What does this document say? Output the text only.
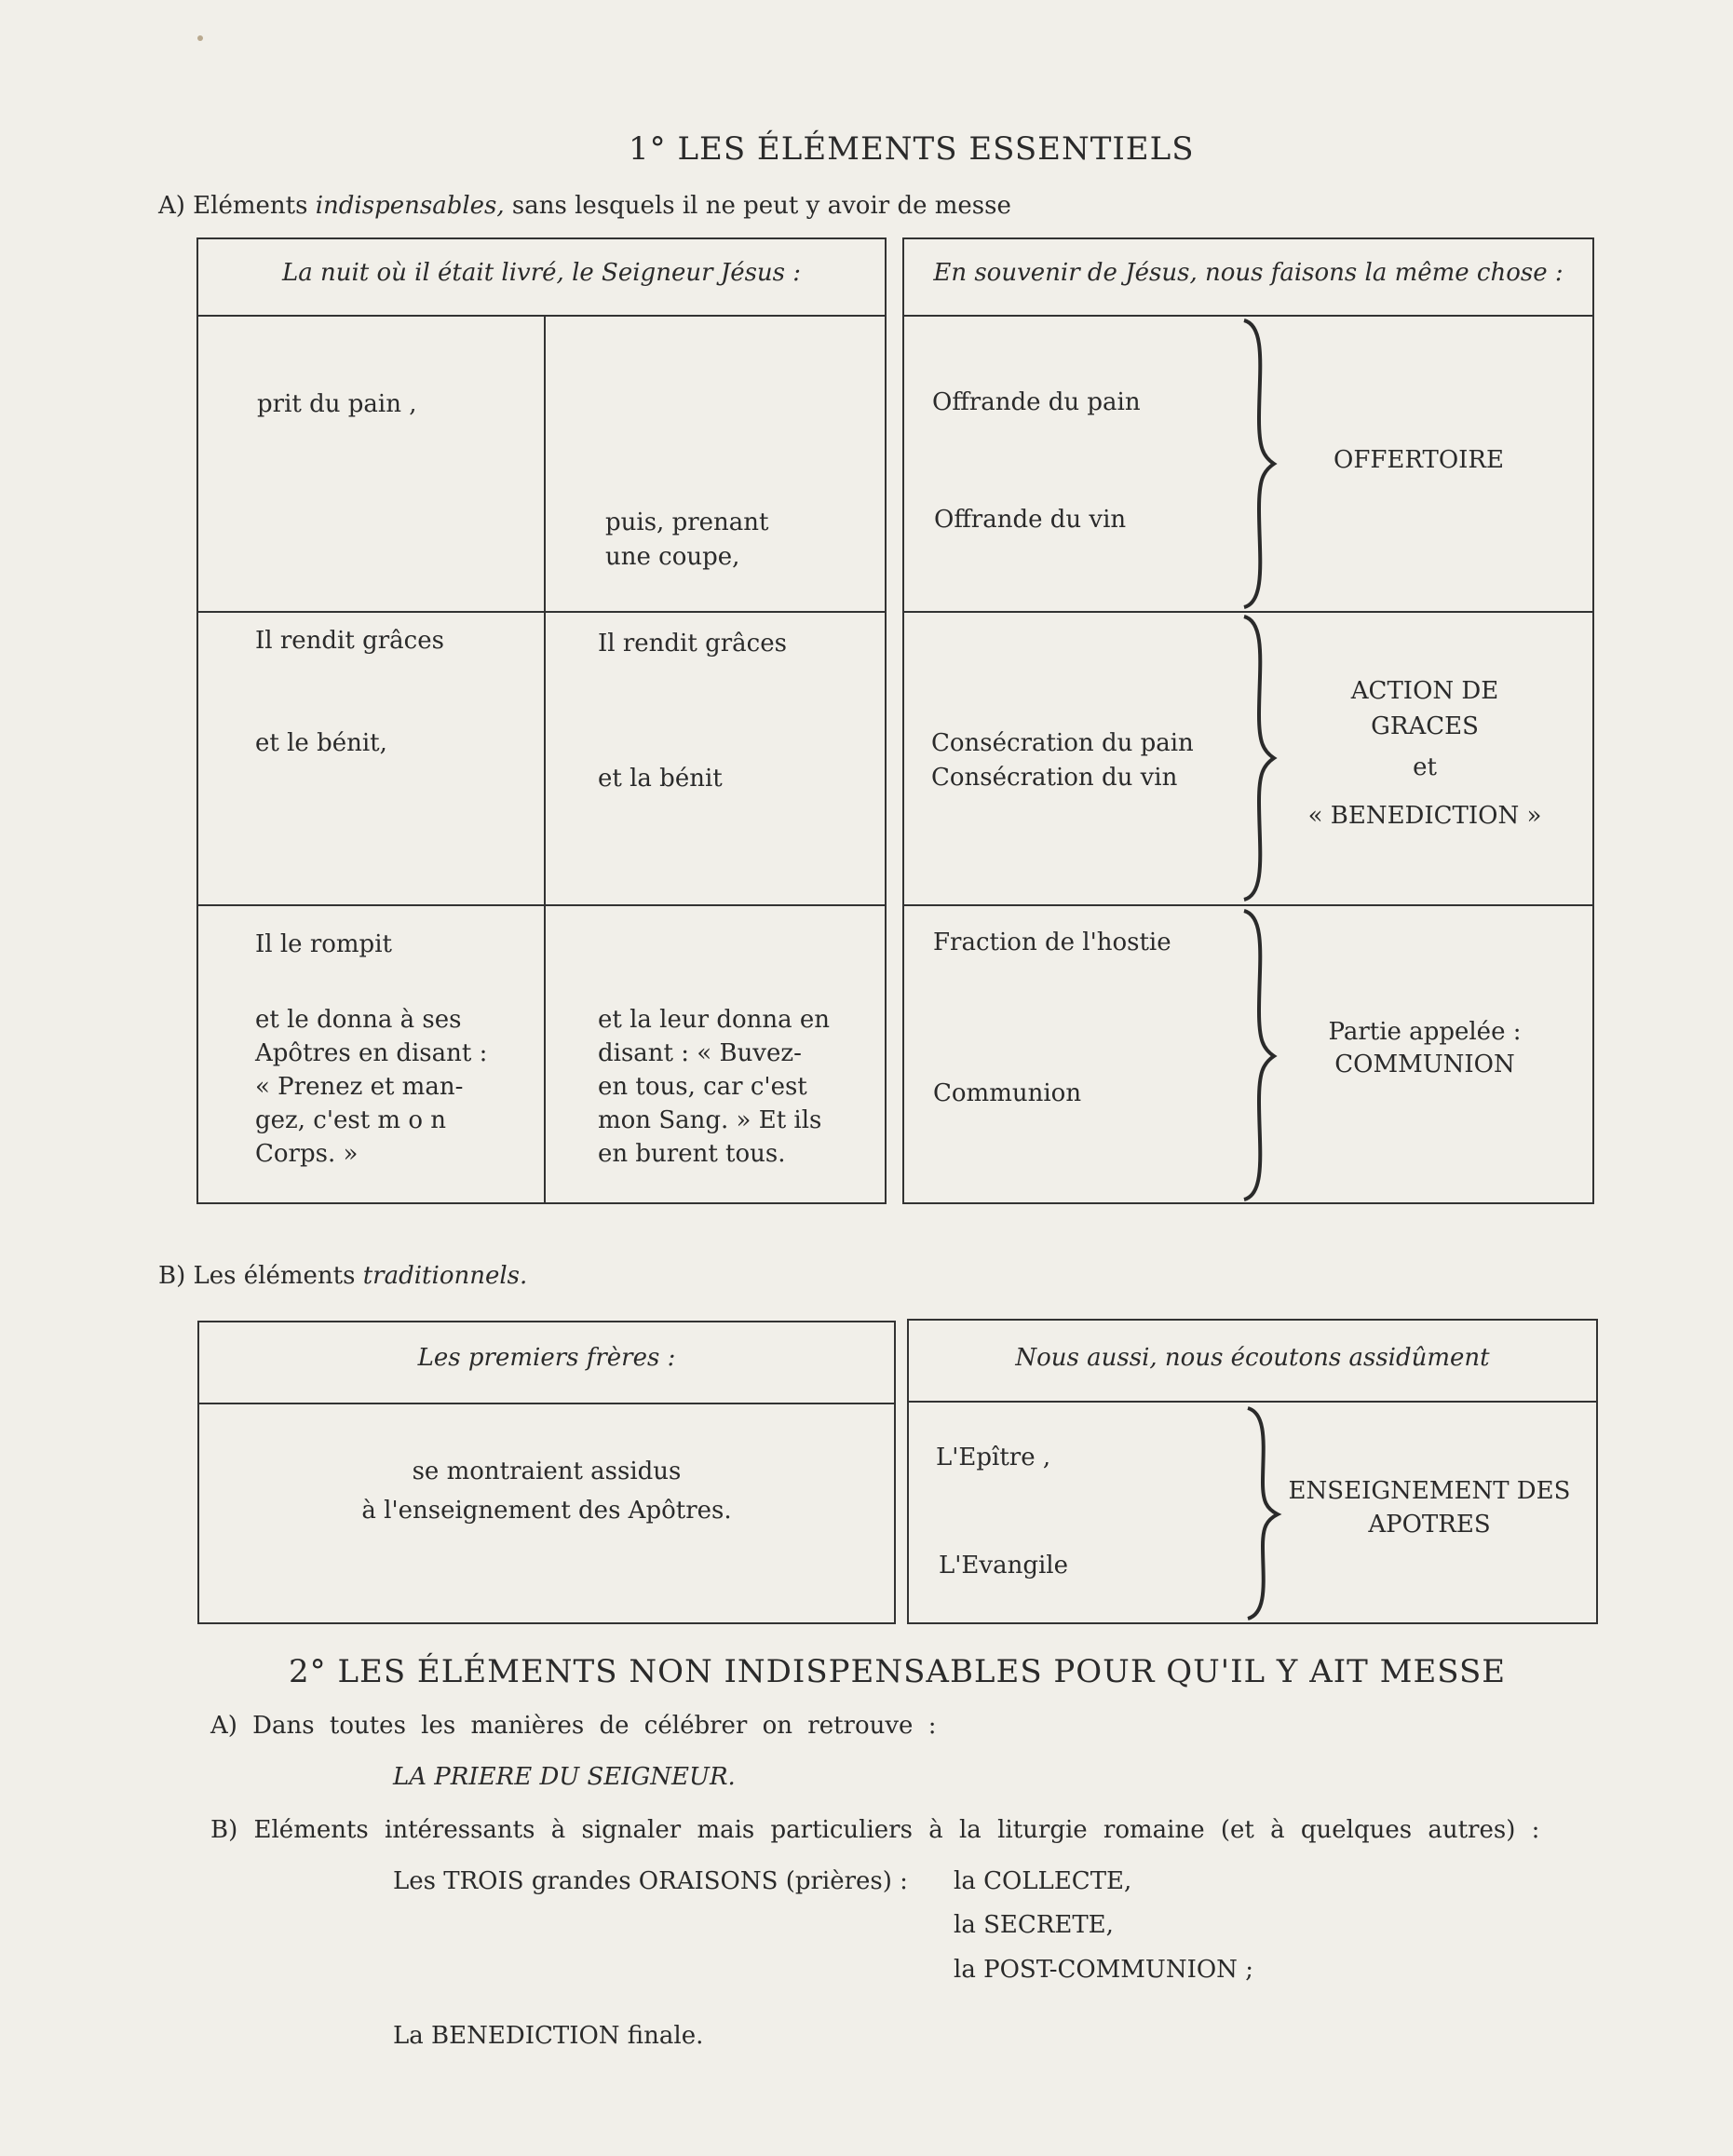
1° LES ÉLÉMENTS ESSENTIELS
A) Eléments indispensables, sans lesquels il ne peut y avoir de messe
La nuit où il était livré, le Seigneur Jésus :	En souvenir de Jésus, nous faisons la même chose :
prit du pain ,
puis, prenant
une coupe,
Offrande du pain
Offrande du vin
OFFERTOIRE
Il rendit grâces
et le bénit,
Il rendit grâces
et la bénit
Consécration du pain
Consécration du vin
ACTION DE
GRACES
et
« BENEDICTION »
Il le rompit
et le donna à ses
Apôtres en disant :
« Prenez et man-
gez, c'est m o n
Corps. »
et la leur donna en
disant : « Buvez-
en tous, car c'est
mon Sang. » Et ils
en burent tous.
Fraction de l'hostie
Communion
Partie appelée :
COMMUNION
B) Les éléments traditionnels.
Les premiers frères :	Nous aussi, nous écoutons assidûment
se montraient assidus
à l'enseignement des Apôtres.
L'Epître ,
L'Evangile
ENSEIGNEMENT DES
APOTRES
2° LES ÉLÉMENTS NON INDISPENSABLES POUR QU'IL Y AIT MESSE
A) Dans toutes les manières de célébrer on retrouve :
LA PRIERE DU SEIGNEUR.
B) Eléments intéressants à signaler mais particuliers à la liturgie romaine (et à quelques autres) :
Les TROIS grandes ORAISONS (prières) : la COLLECTE,
la SECRETE,
la POST-COMMUNION ;
La BENEDICTION finale.
